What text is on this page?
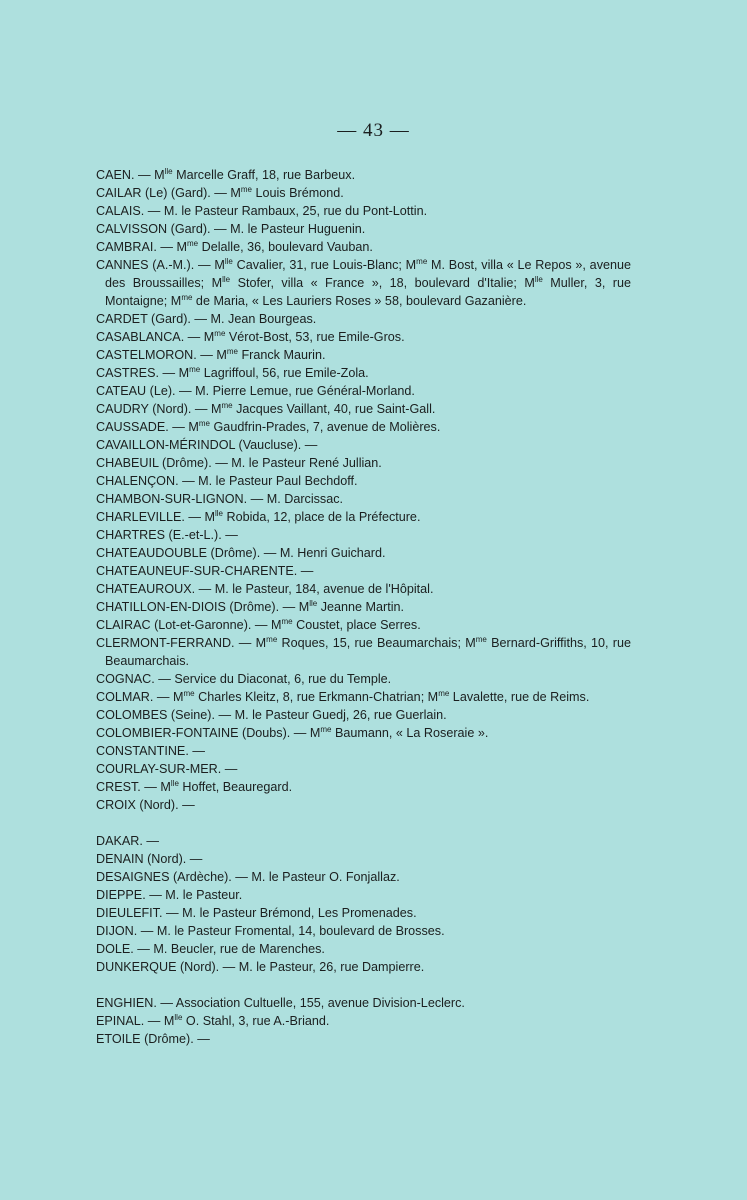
— 43 —

CAEN. — $M^{lle}$ Marcelle Graff, 18, rue Barbeux.

CAILAR (Le) (Gard). — $M^{me}$ Louis Brémond.

CALAIS. — M. le Pasteur Rambaux, 25, rue du Pont-Lottin.

CALVISSON (Gard). — M. le Pasteur Huguenin.

CAMBRAI. — $M^{me}$ Delalle, 36, boulevard Vauban.

CANNES (A.-M.). — $M^{lle}$ Cavalier, 31, rue Louis-Blanc; $M^{me}$ M. Bost, villa « Le Repos », avenue des Broussailles; $M^{lle}$ Stofer, villa « France », 18, boulevard d'Italie; $M^{lle}$ Muller, 3, rue Montaigne; $M^{me}$ de Maria, « Les Lauriers Roses » 58, boulevard Gazanière.

CARDET (Gard). — M. Jean Bourgeas.

CASABLANCA. — $M^{me}$ Vérot-Bost, 53, rue Emile-Gros.

CASTELMORON. — $M^{me}$ Franck Maurin.

CASTRES. — $M^{me}$ Lagriffoul, 56, rue Emile-Zola.

CATEAU (Le). — M. Pierre Lemue, rue Général-Morland.

CAUDRY (Nord). — $M^{me}$ Jacques Vaillant, 40, rue Saint-Gall.

CAUSSADE. — $M^{me}$ Gaudfrin-Prades, 7, avenue de Molières.

CAVAILLON-MÉRINDOL (Vaucluse). —

CHABEUIL (Drôme). — M. le Pasteur René Jullian.

CHALENÇON. — M. le Pasteur Paul Bechdoff.

CHAMBON-SUR-LIGNON. — M. Darcissac.

CHARLEVILLE. — $M^{lle}$ Robida, 12, place de la Préfecture.

CHARTRES (E.-et-L.). —

CHATEAUDOUBLE (Drôme). — M. Henri Guichard.

CHATEAUNEUF-SUR-CHARENTE. —

CHATEAUROUX. — M. le Pasteur, 184, avenue de l'Hôpital.

CHATILLON-EN-DIOIS (Drôme). — $M^{lle}$ Jeanne Martin.

CLAIRAC (Lot-et-Garonne). — $M^{me}$ Coustet, place Serres.

CLERMONT-FERRAND. — $M^{me}$ Roques, 15, rue Beaumarchais; $M^{me}$ Bernard-Griffiths, 10, rue Beaumarchais.

COGNAC. — Service du Diaconat, 6, rue du Temple.

COLMAR. — $M^{me}$ Charles Kleitz, 8, rue Erkmann-Chatrian; $M^{me}$ Lavalette, rue de Reims.

COLOMBES (Seine). — M. le Pasteur Guedj, 26, rue Guerlain.

COLOMBIER-FONTAINE (Doubs). — $M^{me}$ Baumann, « La Roseraie ».

CONSTANTINE. —

COURLAY-SUR-MER. —

CREST. — $M^{lle}$ Hoffet, Beauregard.

CROIX (Nord). —

DAKAR. —

DENAIN (Nord). —

DESAIGNES (Ardèche). — M. le Pasteur O. Fonjallaz.

DIEPPE. — M. le Pasteur.

DIEULEFIT. — M. le Pasteur Brémond, Les Promenades.

DIJON. — M. le Pasteur Fromental, 14, boulevard de Brosses.

DOLE. — M. Beucler, rue de Marenches.

DUNKERQUE (Nord). — M. le Pasteur, 26, rue Dampierre.

ENGHIEN. — Association Cultuelle, 155, avenue Division-Leclerc.

EPINAL. — $M^{lle}$ O. Stahl, 3, rue A.-Briand.

ETOILE (Drôme). —
